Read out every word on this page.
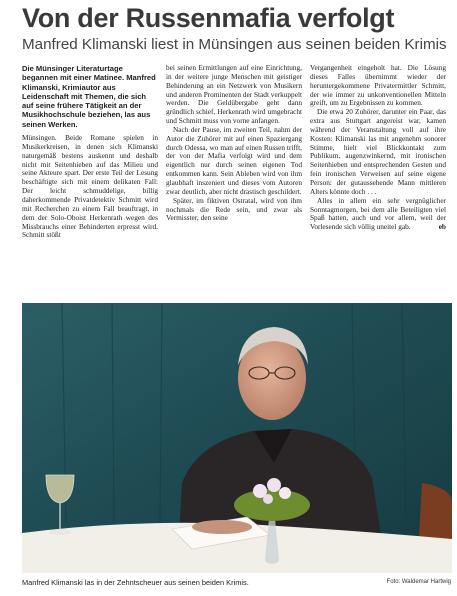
Von der Russenmafia verfolgt
Manfred Klimanski liest in Münsingen aus seinen beiden Krimis

Die Münsinger Literaturtage begannen mit einer Matinee. Manfred Klimanski, Krimiautor aus Leidenschaft mit Themen, die sich auf seine frühere Tätigkeit an der Musikhochschule beziehen, las aus seinen Werken.

Münsingen. Beide Romane spielen in Musikerkreisen, in denen sich Klimanski naturgemäß bestens auskennt und deshalb nicht mit Seitenhieben auf das Milieu und seine Akteure spart. Der erste Teil der Lesung beschäftigte sich mit einem delikaten Fall: Der leicht schmuddelige, billig daherkommende Privatdetektiv Schmitt wird mit Recherchen zu einem Fall beauftragt, in dem der Solo-Oboist Herkenrath wegen des Missbrauchs einer Behinderten erpresst wird. Schmitt stößt

bei seinen Ermittlungen auf eine Einrichtung, in der weitere junge Menschen mit geistiger Behinderung an ein Netzwerk von Musikern und anderen Prominenten der Stadt verkuppelt werden. Die Geldübergabe geht dann gründlich schief, Herkenrath wird umgebracht und Schmitt muss von vorne anfangen.

Nach der Pause, im zweiten Teil, nahm der Autor die Zuhörer mit auf einen Spaziergang durch Odessa, wo man auf einen Russen trifft, der von der Mafia verfolgt wird und dem eigentlich nur durch seinen eigenen Tod entkommen kann. Sein Ableben wird von ihm glaubhaft inszeniert und dieses vom Autoren zwar deutlich, aber nicht drastisch geschildert.

Später, im fiktiven Ostratal, wird von ihm nochmals die Rede sein, und zwar als Vermisster, den seine

Vergangenheit eingeholt hat. Die Lösung dieses Falles übernimmt wieder der heruntergekommene Privatermittler Schmitt, der wie immer zu unkonventionellen Mitteln greift, um zu Ergebnissen zu kommen.

Die etwa 20 Zuhörer, darunter ein Paar, das extra aus Stuttgart angereist war, kamen während der Veranstaltung voll auf ihre Kosten: Klimanski las mit angenehm sonorer Stimme, hielt viel Blickkontakt zum Publikum, augenzwinkernd, mit ironischen Seitenhieben und entsprechenden Gesten und fein ironischen Verweisen auf seine eigene Person: der gutaussehende Mann mittleren Alters könnte doch . . .

Alles in allem ein sehr vergnüglicher Sonntagmorgen, bei dem alle Beteiligten viel Spaß hatten, auch und vor allem, weil der Vorlesende sich völlig uneitel gab.	eb

Manfred Klimanski las in der Zehntscheuer aus seinen beiden Krimis.	Foto: Waldemar Hartwig
